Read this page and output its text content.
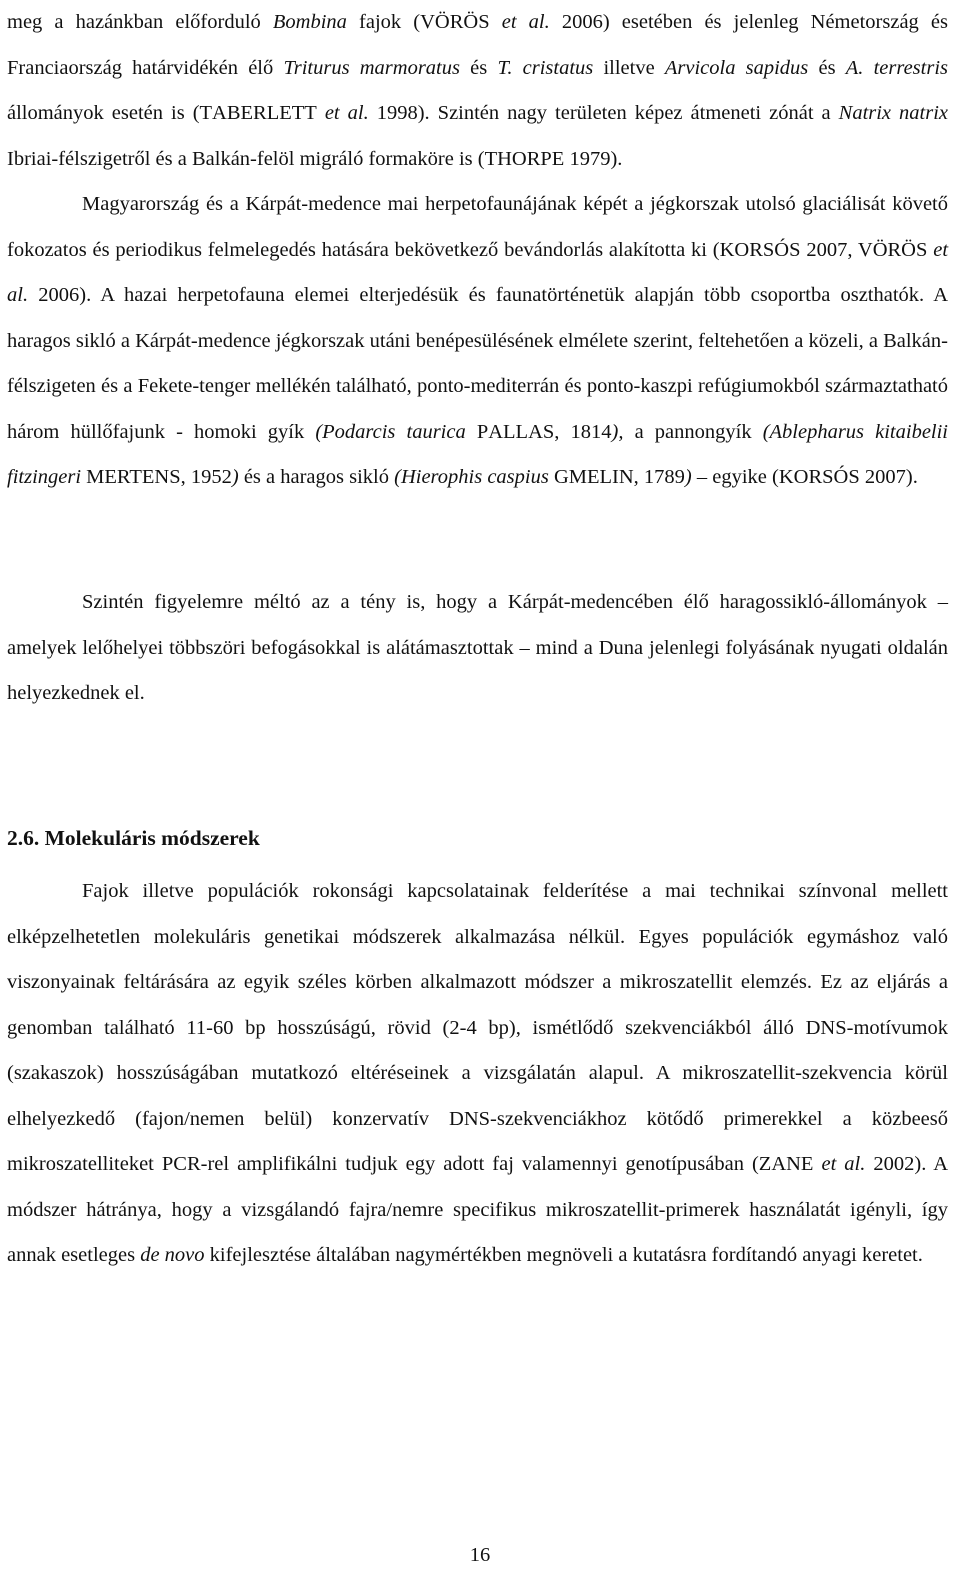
meg a hazánkban előforduló Bombina fajok (VÖRÖS et al. 2006) esetében és jelenleg Németország és Franciaország határvidékén élő Triturus marmoratus és T. cristatus illetve Arvicola sapidus és A. terrestris állományok esetén is (TABERLETT et al. 1998). Szintén nagy területen képez átmeneti zónát a Natrix natrix Ibriai-félszigetről és a Balkán-felöl migráló formaköre is (THORPE 1979).

Magyarország és a Kárpát-medence mai herpetofaunájának képét a jégkorszak utolsó glaciálisát követő fokozatos és periodikus felmelegedés hatására bekövetkező bevándorlás alakította ki (KORSÓS 2007, VÖRÖS et al. 2006). A hazai herpetofauna elemei elterjedésük és faunatörténetük alapján több csoportba oszthatók. A haragos sikló a Kárpát-medence jégkorszak utáni benépesülésének elmélete szerint, feltehetően a közeli, a Balkán-félszigeten és a Fekete-tenger mellékén található, ponto-mediterrán és ponto-kaszpi refúgiumokból származtatható három hüllőfajunk - homoki gyík (Podarcis taurica PALLAS, 1814), a pannongyík (Ablepharus kitaibelii fitzingeri MERTENS, 1952) és a haragos sikló (Hierophis caspius GMELIN, 1789) – egyike (KORSÓS 2007).

Szintén figyelemre méltó az a tény is, hogy a Kárpát-medencében élő haragossikló-állományok – amelyek lelőhelyei többszöri befogásokkal is alátámasztottak – mind a Duna jelenlegi folyásának nyugati oldalán helyezkednek el.

2.6. Molekuláris módszerek

Fajok illetve populációk rokonsági kapcsolatainak felderítése a mai technikai színvonal mellett elképzelhetetlen molekuláris genetikai módszerek alkalmazása nélkül. Egyes populációk egymáshoz való viszonyainak feltárására az egyik széles körben alkalmazott módszer a mikroszatellit elemzés. Ez az eljárás a genomban található 11-60 bp hosszúságú, rövid (2-4 bp), ismétlődő szekvenciákból álló DNS-motívumok (szakaszok) hosszúságában mutatkozó eltéréseinek a vizsgálatán alapul. A mikroszatellit-szekvencia körül elhelyezkedő (fajon/nemen belül) konzervatív DNS-szekvenciákhoz kötődő primerekkel a közbeeső mikroszatelliteket PCR-rel amplifikálni tudjuk egy adott faj valamennyi genotípusában (ZANE et al. 2002). A módszer hátránya, hogy a vizsgálandó fajra/nemre specifikus mikroszatellit-primerek használatát igényli, így annak esetleges de novo kifejlesztése általában nagymértékben megnöveli a kutatásra fordítandó anyagi keretet.

16
